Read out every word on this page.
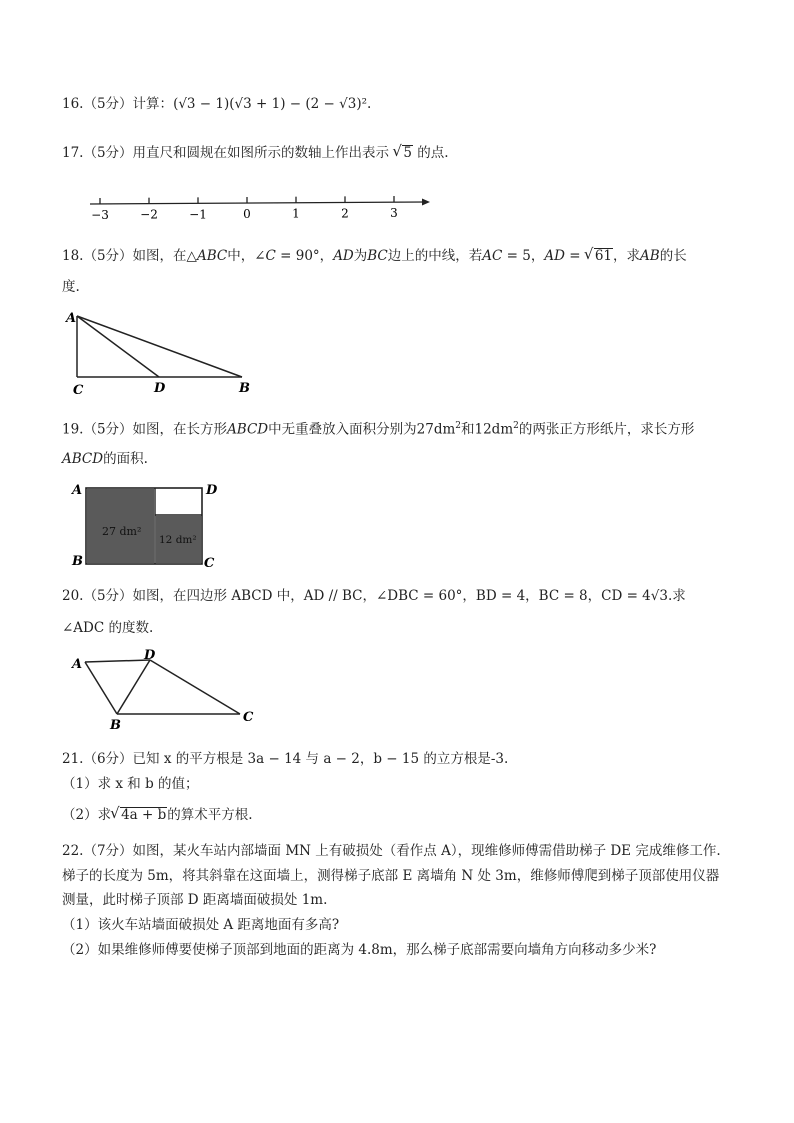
16.（5分）计算：(√3 − 1)(√3 + 1) − (2 − √3)².
17.（5分）用直尺和圆规在如图所示的数轴上作出表示 √ 5 的点.
−3	−2	−1	0	1	2	3
18.（5分）如图，在△ABC中，∠C = 90°，AD为BC边上的中线，若AC = 5，AD = √ 61，求AB的长
度.
A
C	D	B
19.（5分）如图，在长方形ABCD中无重叠放入面积分别为$27dm^2$和$12dm^2$的两张正方形纸片，求长方形
ABCD的面积.
27 dm²
12 dm²
A	D
B	C
20.（5分）如图，在四边形 ABCD 中，AD // BC，∠DBC = 60°，BD = 4，BC = 8，CD = 4√3.求
∠ADC 的度数.
A
D
B
C
21.（6分）已知 x 的平方根是 3a − 14 与 a − 2，b − 15 的立方根是-3.
（1）求 x 和 b 的值；
（2）求 √ 4a + b的算术平方根.
22.（7分）如图，某火车站内部墙面 MN 上有破损处（看作点 A），现维修师傅需借助梯子 DE 完成维修工作.
梯子的长度为 5m，将其斜靠在这面墙上，测得梯子底部 E 离墙角 N 处 3m，维修师傅爬到梯子顶部使用仪器
测量，此时梯子顶部 D 距离墙面破损处 1m.
（1）该火车站墙面破损处 A 距离地面有多高?
（2）如果维修师傅要使梯子顶部到地面的距离为 4.8m，那么梯子底部需要向墙角方向移动多少米?
